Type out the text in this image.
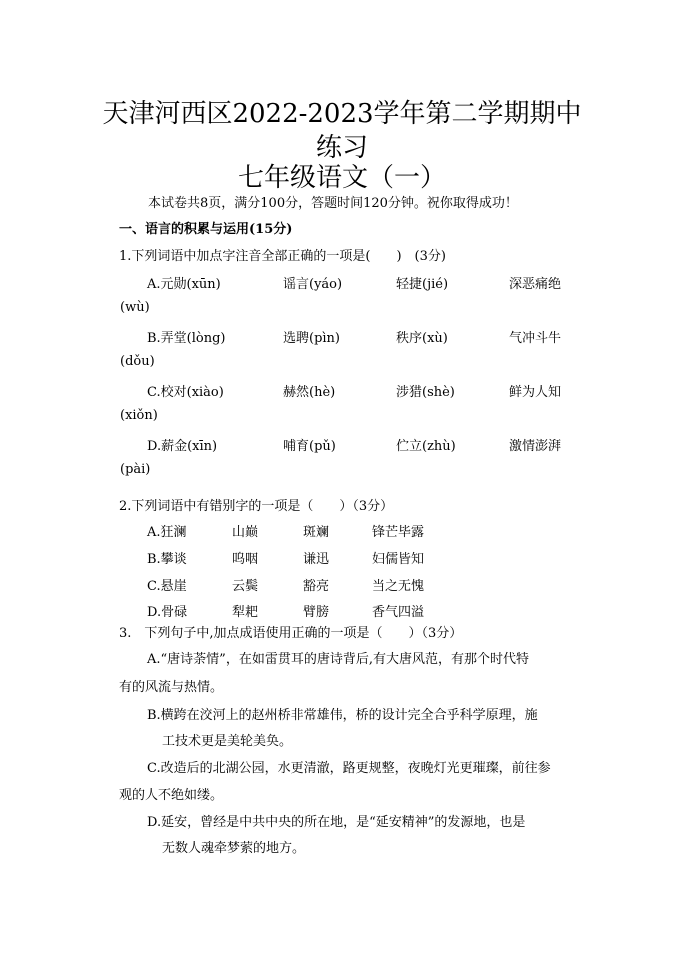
天津河西区2022-2023学年第二学期期中
练习
七年级语文（一）
本试卷共8页，满分100分，答题时间120分钟。祝你取得成功！
一、语言的积累与运用(15分)
1.下列词语中加点字注音全部正确的一项是(　　)　(3分)
A.元勋(xūn)	谣言(yáo)	轻捷(jié)	深恶痛绝
(wù)
B.弄堂(lòng)	选聘(pìn)	秩序(xù)	气冲斗牛
(dǒu)
C.校对(xiào)	赫然(hè)	涉猎(shè)	鲜为人知
(xiǒn)
D.薪金(xīn)	哺育(pǔ)	伫立(zhù)	激情澎湃
(pài)
2.下列词语中有错别字的一项是（　　）（3分）
A.狂澜	山巅	斑斓	锋芒毕露
B.攀谈	呜咽	谦迅	妇儒皆知
C.悬崖	云鬓	豁亮	当之无愧
D.骨碌	犁耙	臂膀	香气四溢
3.　下列句子中,加点成语使用正确的一项是（　　）（3分）
A.“唐诗荼情”，在如雷贯耳的唐诗背后,有大唐风范，有那个时代特
有的风流与热情。
B.横跨在洨河上的赵州桥非常雄伟，桥的设计完全合乎科学原理，施
工技术更是美轮美奂。
C.改造后的北湖公园，水更清澈，路更规整，夜晚灯光更璀璨，前往参
观的人不绝如缕。
D.延安，曾经是中共中央的所在地，是“延安精神”的发源地，也是
无数人魂牵梦萦的地方。
